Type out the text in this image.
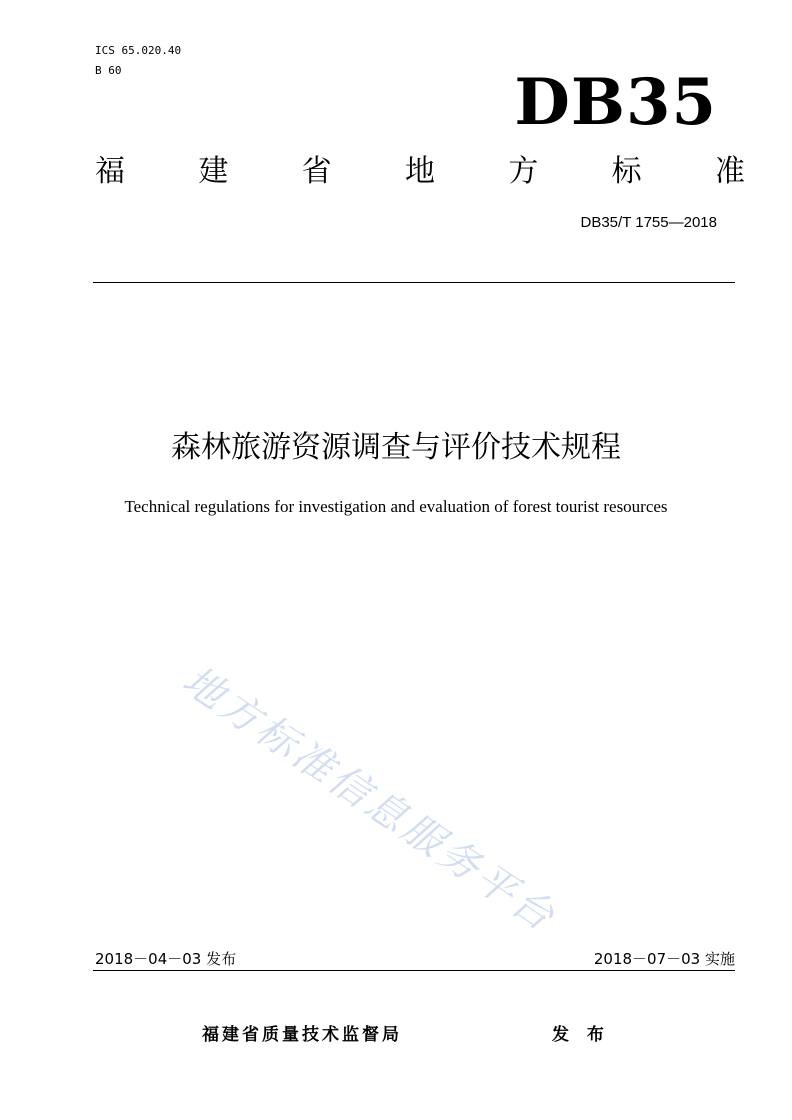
ICS 65.020.40
B 60	DB35
福 建 省 地 方 标 准
DB35/T 1755—2018
森林旅游资源调查与评价技术规程
Technical regulations for investigation and evaluation of forest tourist resources
地方标准信息服务平台
2018－04－03 发布	2018－07－03 实施
福建省质量技术监督局	发 布
